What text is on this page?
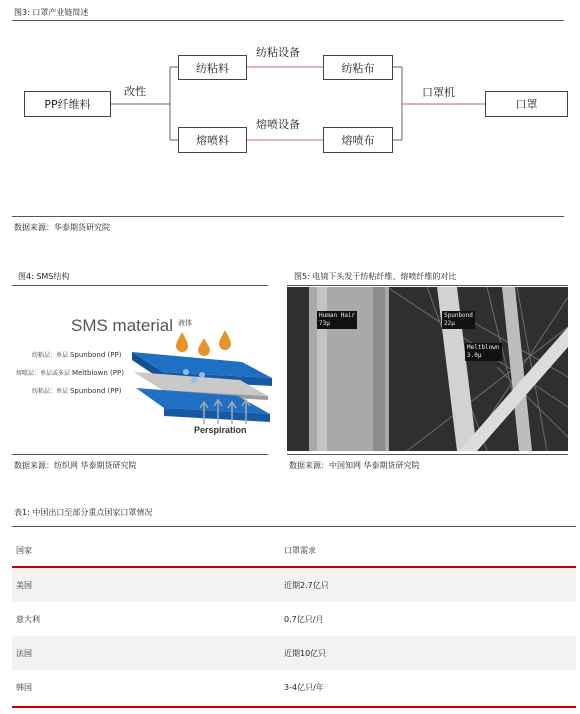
图3: 口罩产业链简述
PP纤维料
纺粘料
熔喷料
纺粘布
熔喷布
口罩
改性
纺粘设备
熔喷设备
口罩机
数据来源：华泰期货研究院
图4: SMS结构
SMS material 液体
纺粘层：单层 Spunbond (PP)
熔喷层：单层或多层 Meltblown (PP)
纺粘层：单层 Spunbond (PP)
Perspiration
数据来源：纺织网 华泰期货研究院
图5: 电镜下头发于纺粘纤维、熔喷纤维的对比
Human Hair
73μ
Spunbond
22μ
Meltblown
3.0μ
数据来源：中国知网 华泰期货研究院
表1: 中国出口至部分重点国家口罩情况
国家	口罩需求
美国	近期2.7亿只
意大利	0.7亿只/月
法国	近期10亿只
韩国	3-4亿只/年
